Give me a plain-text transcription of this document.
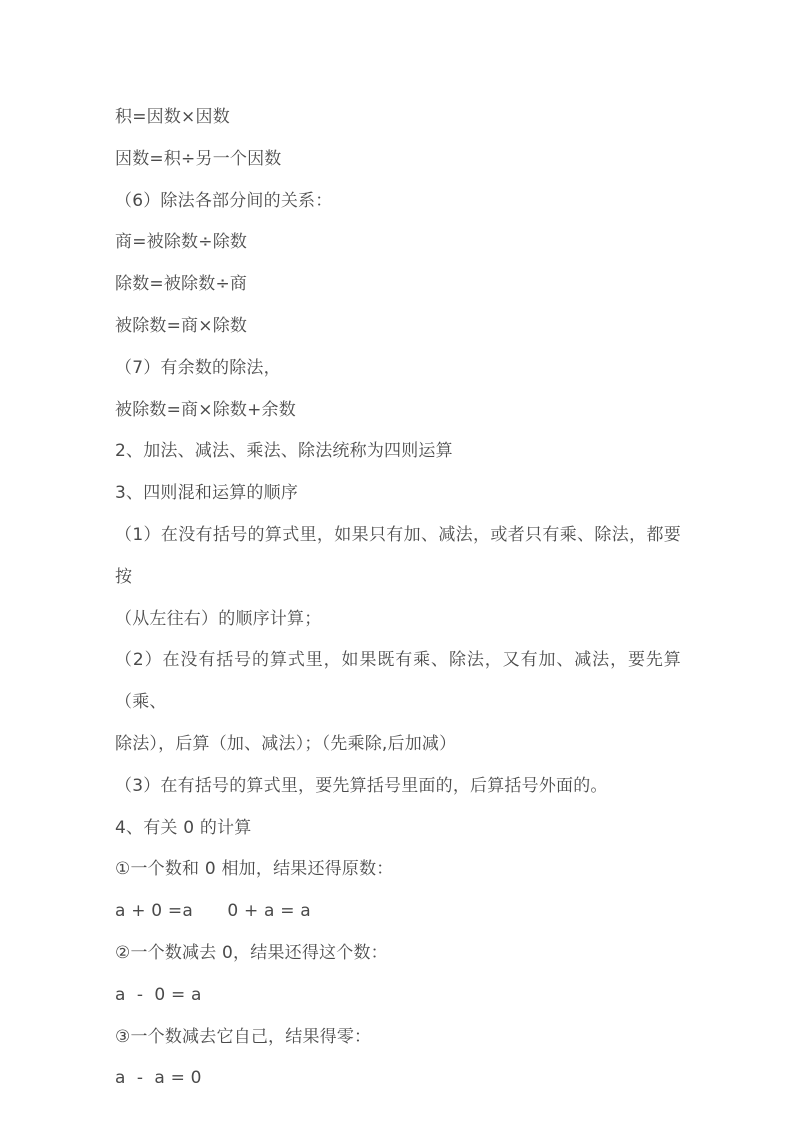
积=因数×因数

因数=积÷另一个因数

（6）除法各部分间的关系：

商=被除数÷除数

除数=被除数÷商

被除数=商×除数

（7）有余数的除法，

被除数=商×除数+余数

2、加法、减法、乘法、除法统称为四则运算

3、四则混和运算的顺序

（1）在没有括号的算式里，如果只有加、减法，或者只有乘、除法，都要按

（从左往右）的顺序计算；

（2）在没有括号的算式里，如果既有乘、除法，又有加、减法，要先算（乘、

除法），后算（加、减法）；（先乘除,后加减）

（3）在有括号的算式里，要先算括号里面的，后算括号外面的。

4、有关 0 的计算

①一个数和 0 相加，结果还得原数：

a + 0 =a　　0 + a = a

②一个数减去 0，结果还得这个数：

a  -  0 = a

③一个数减去它自己，结果得零：

a  -  a = 0
